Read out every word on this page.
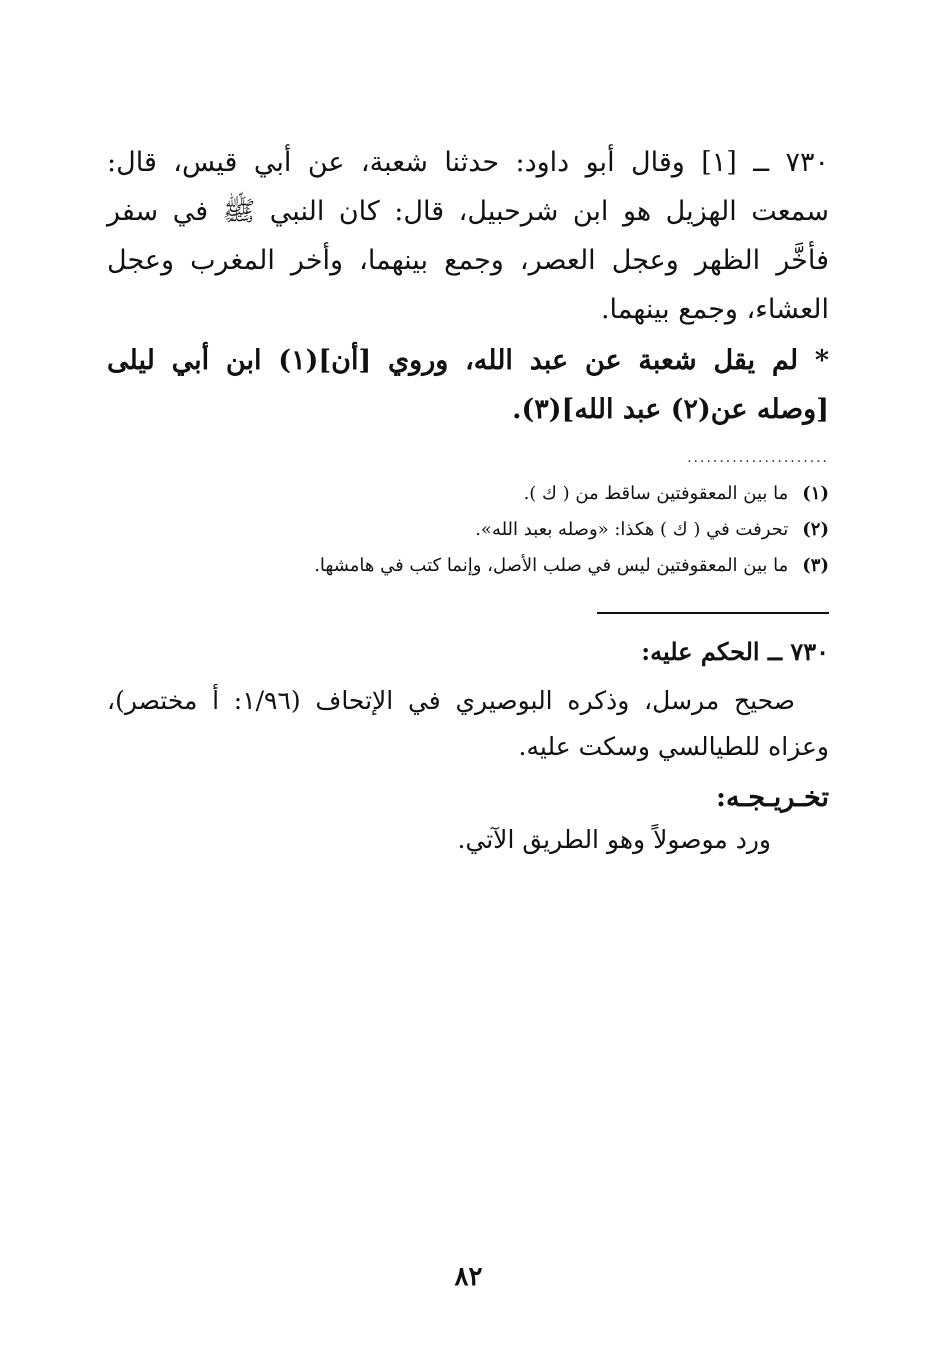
٧٣٠ ــ [١] وقال أبو داود: حدثنا شعبة، عن أبي قيس، قال: سمعت الهزيل هو ابن شرحبيل، قال: كان النبي ﷺ في سفر فأخَّر الظهر وعجل العصر، وجمع بينهما، وأخر المغرب وعجل العشاء، وجمع بينهما.

* لم يقل شعبة عن عبد الله، وروي [أن](١) ابن أبي ليلى [وصله عن(٢) عبد الله](٣).

......................

(١)ما بين المعقوفتين ساقط من ( ك ).

(٢)تحرفت في ( ك ) هكذا: «وصله بعبد الله».

(٣)ما بين المعقوفتين ليس في صلب الأصل، وإنما كتب في هامشها.

٧٣٠ ــ الحكم عليه:

صحيح مرسل، وذكره البوصيري في الإتحاف (١/٩٦: أ مختصر)، وعزاه للطيالسي وسكت عليه.

تخـريـجـه:

ورد موصولاً وهو الطريق الآتي.

٨٢
